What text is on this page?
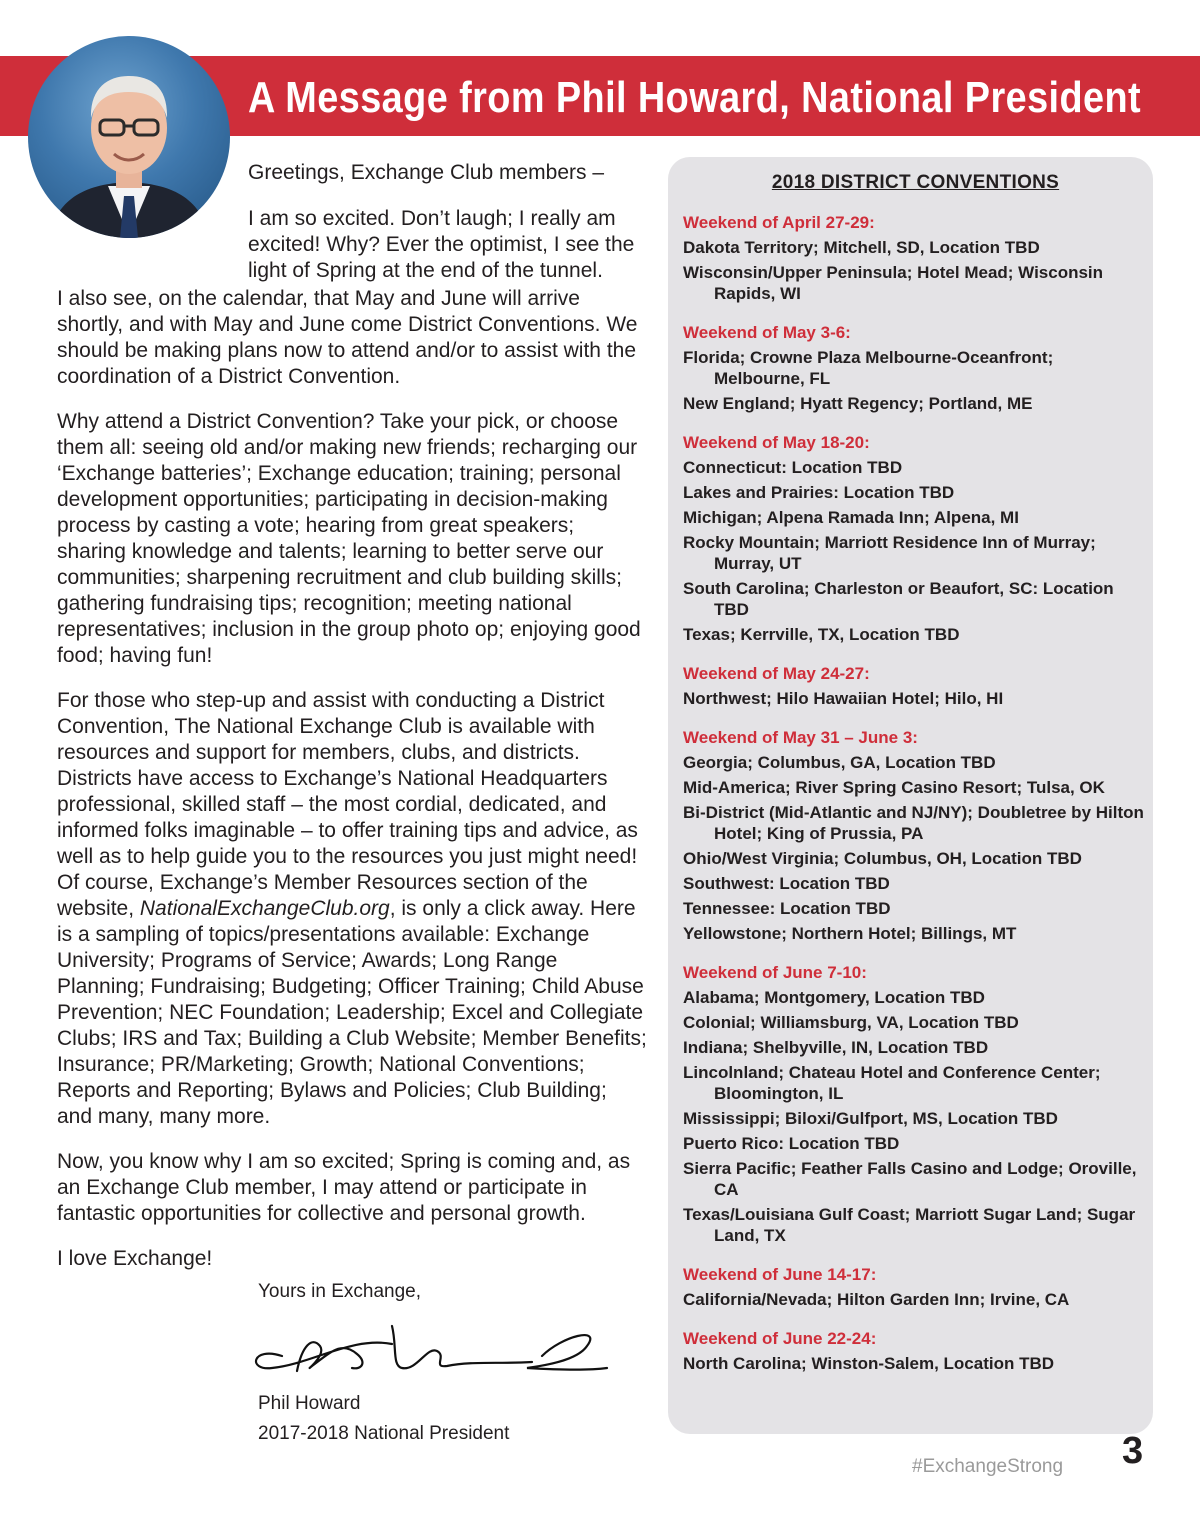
A Message from Phil Howard, National President
Greetings, Exchange Club members –
I am so excited. Don’t laugh; I really am
excited! Why? Ever the optimist, I see the
light of Spring at the end of the tunnel.

I also see, on the calendar, that May and June will arrive shortly, and with May and June come District Conventions. We should be making plans now to attend and/or to assist with the coordination of a District Convention.

Why attend a District Convention? Take your pick, or choose them all: seeing old and/or making new friends; recharging our ‘Exchange batteries’; Exchange education; training; personal development opportunities; participating in decision-making process by casting a vote; hearing from great speakers; sharing knowledge and talents; learning to better serve our communities; sharpening recruitment and club building skills; gathering fundraising tips; recognition; meeting national representatives; inclusion in the group photo op; enjoying good food; having fun!

For those who step-up and assist with conducting a District Convention, The National Exchange Club is available with resources and support for members, clubs, and districts. Districts have access to Exchange’s National Headquarters professional, skilled staff – the most cordial, dedicated, and informed folks imaginable – to offer training tips and advice, as well as to help guide you to the resources you just might need! Of course, Exchange’s Member Resources section of the website, NationalExchangeClub.org, is only a click away. Here is a sampling of topics/presentations available: Exchange University; Programs of Service; Awards; Long Range Planning; Fundraising; Budgeting; Officer Training; Child Abuse Prevention; NEC Foundation; Leadership; Excel and Collegiate Clubs; IRS and Tax; Building a Club Website; Member Benefits; Insurance; PR/Marketing; Growth; National Conventions; Reports and Reporting; Bylaws and Policies; Club Building; and many, many more.

Now, you know why I am so excited; Spring is coming and, as an Exchange Club member, I may attend or participate in fantastic opportunities for collective and personal growth.

I love Exchange!

Yours in Exchange,
Phil Howard
2017-2018 National President
2018 DISTRICT CONVENTIONS
Weekend of April 27-29:
Dakota Territory; Mitchell, SD, Location TBD
Wisconsin/Upper Peninsula; Hotel Mead; Wisconsin Rapids, WI
Weekend of May 3-6:
Florida; Crowne Plaza Melbourne-Oceanfront; Melbourne, FL
New England; Hyatt Regency; Portland, ME
Weekend of May 18-20:
Connecticut: Location TBD
Lakes and Prairies: Location TBD
Michigan; Alpena Ramada Inn; Alpena, MI
Rocky Mountain; Marriott Residence Inn of Murray; Murray, UT
South Carolina; Charleston or Beaufort, SC: Location TBD
Texas; Kerrville, TX, Location TBD
Weekend of May 24-27:
Northwest; Hilo Hawaiian Hotel; Hilo, HI
Weekend of May 31 – June 3:
Georgia; Columbus, GA, Location TBD
Mid-America; River Spring Casino Resort; Tulsa, OK
Bi-District (Mid-Atlantic and NJ/NY); Doubletree by Hilton Hotel; King of Prussia, PA
Ohio/West Virginia; Columbus, OH, Location TBD
Southwest: Location TBD
Tennessee: Location TBD
Yellowstone; Northern Hotel; Billings, MT
Weekend of June 7-10:
Alabama; Montgomery, Location TBD
Colonial; Williamsburg, VA, Location TBD
Indiana; Shelbyville, IN, Location TBD
Lincolnland; Chateau Hotel and Conference Center; Bloomington, IL
Mississippi; Biloxi/Gulfport, MS, Location TBD
Puerto Rico: Location TBD
Sierra Pacific; Feather Falls Casino and Lodge; Oroville, CA
Texas/Louisiana Gulf Coast; Marriott Sugar Land; Sugar Land, TX
Weekend of June 14-17:
California/Nevada; Hilton Garden Inn; Irvine, CA
Weekend of June 22-24:
North Carolina; Winston-Salem, Location TBD
#ExchangeStrong 3
